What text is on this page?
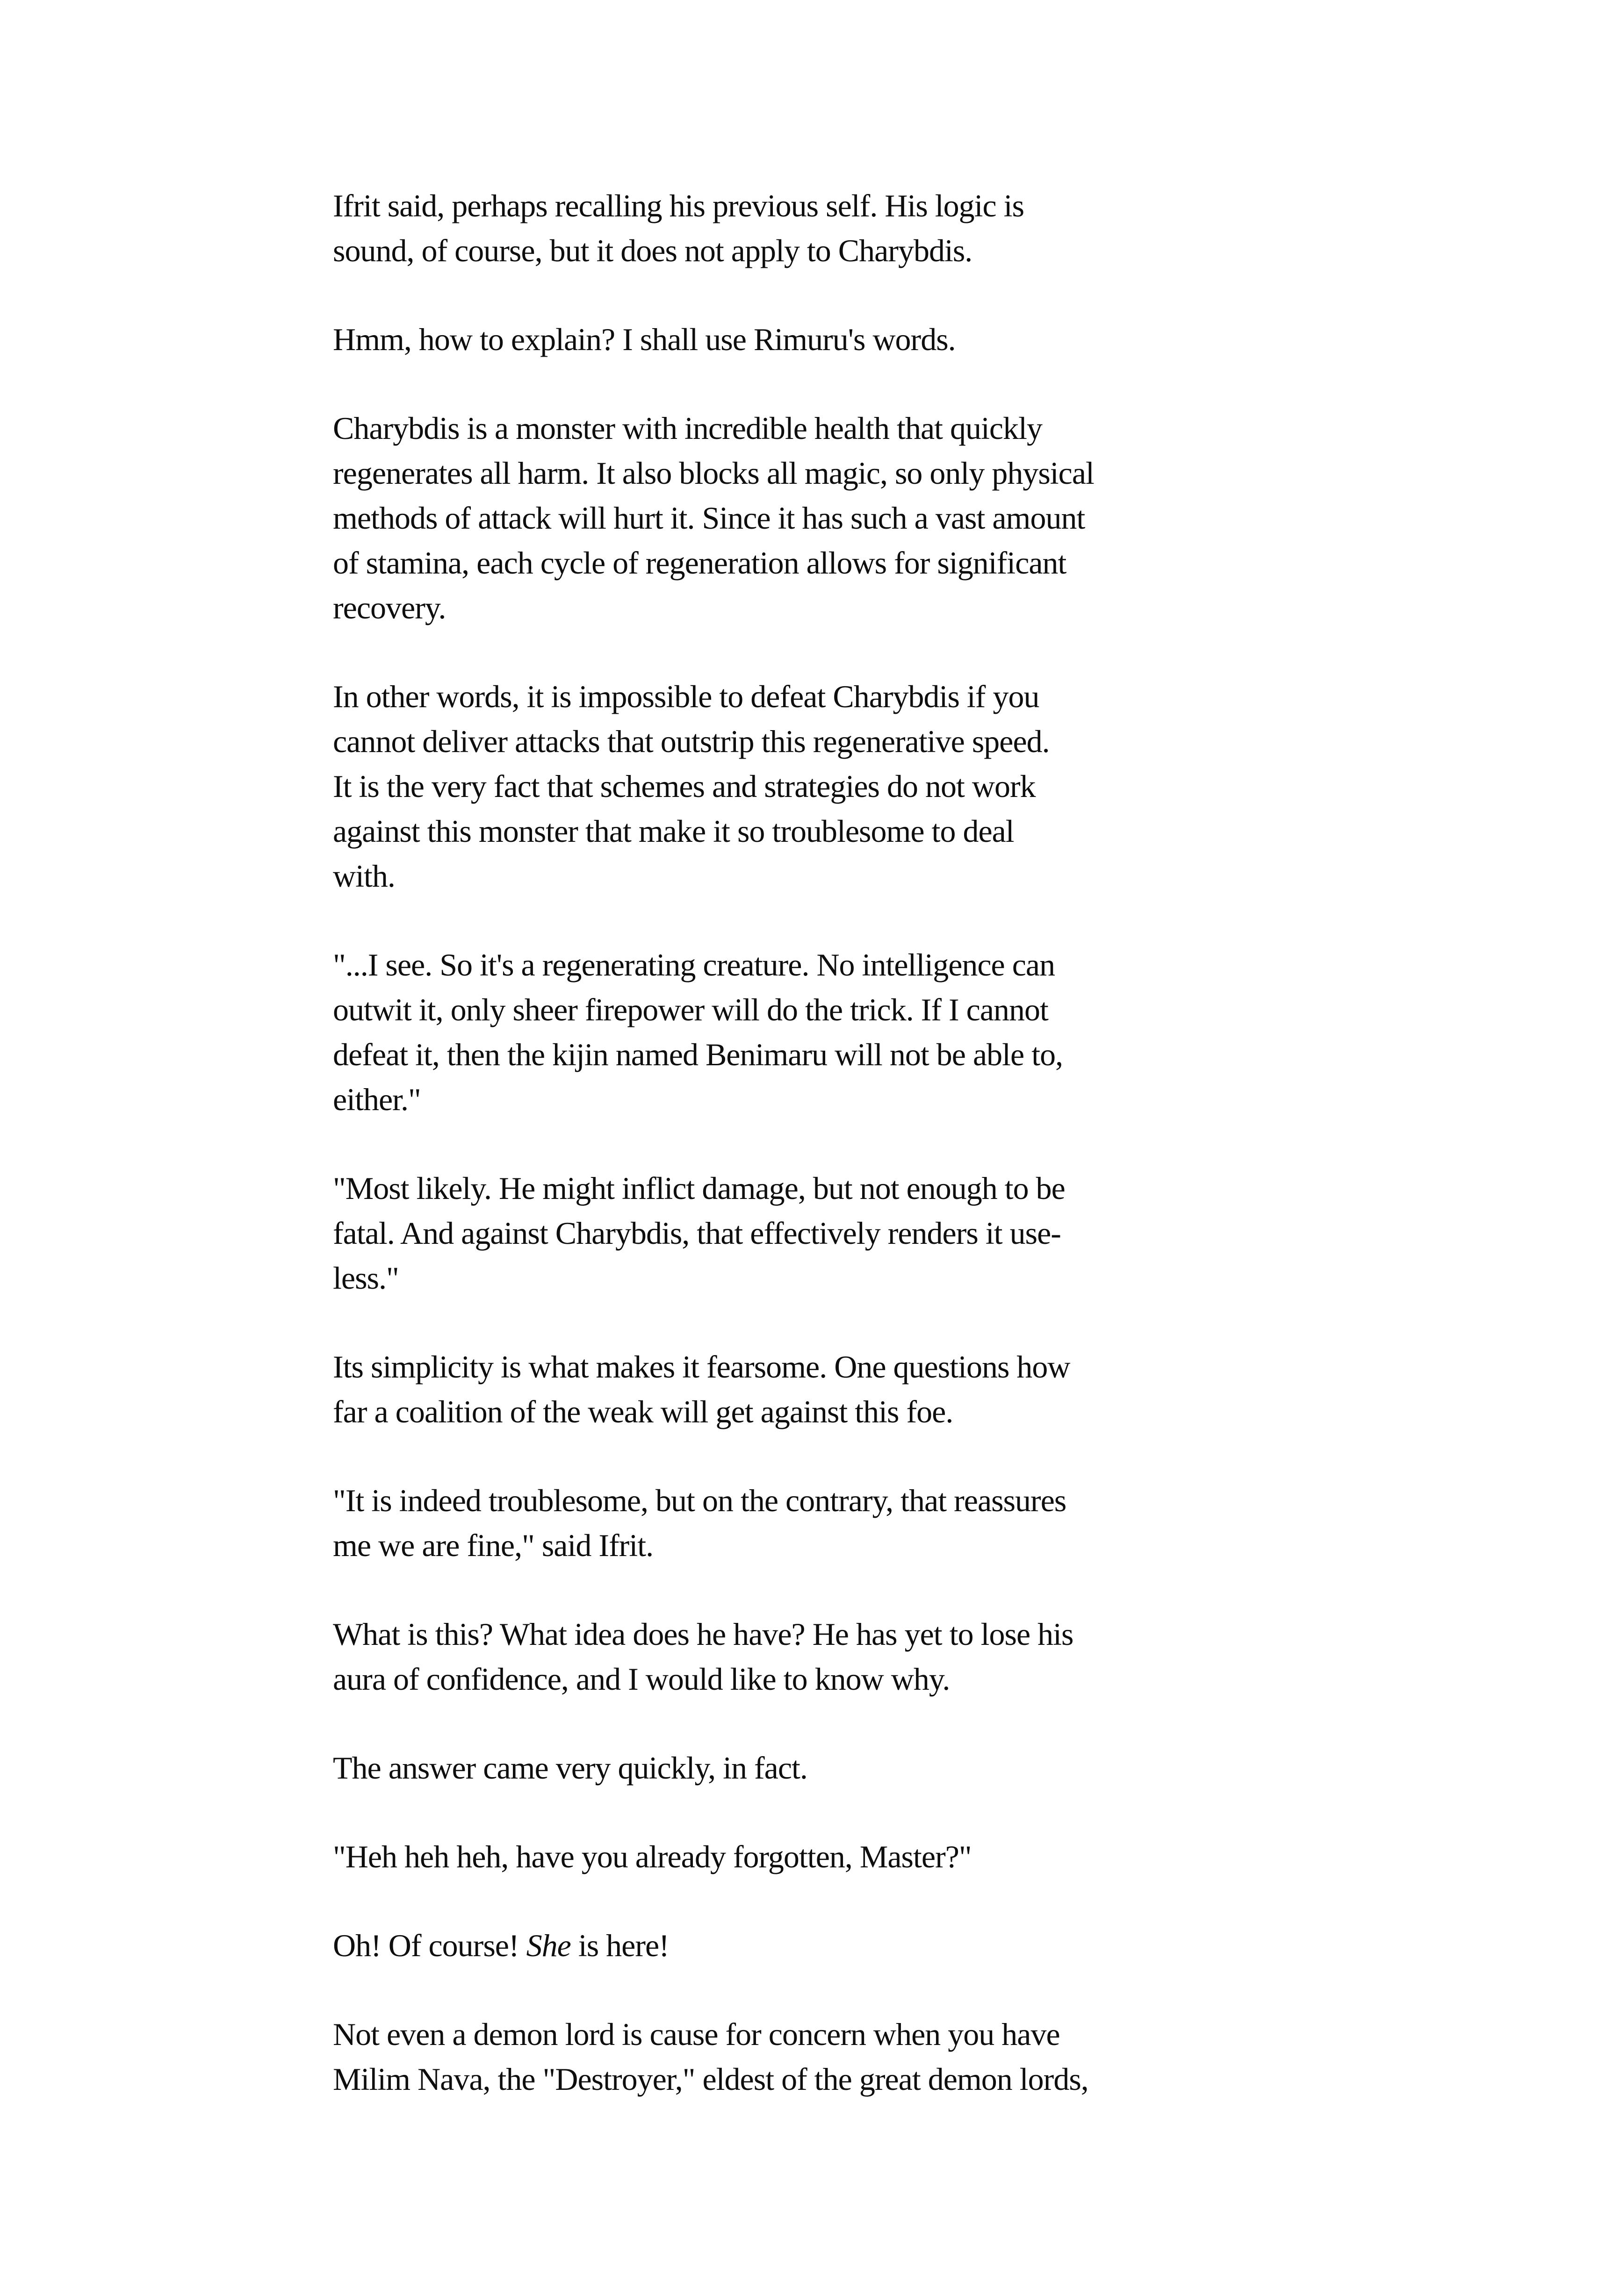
Ifrit said, perhaps recalling his previous self. His logic is
sound, of course, but it does not apply to Charybdis.

Hmm, how to explain? I shall use Rimuru's words.

Charybdis is a monster with incredible health that quickly
regenerates all harm. It also blocks all magic, so only physical
methods of attack will hurt it. Since it has such a vast amount
of stamina, each cycle of regeneration allows for significant
recovery.

In other words, it is impossible to defeat Charybdis if you
cannot deliver attacks that outstrip this regenerative speed.
It is the very fact that schemes and strategies do not work
against this monster that make it so troublesome to deal
with.

"...I see. So it's a regenerating creature. No intelligence can
outwit it, only sheer firepower will do the trick. If I cannot
defeat it, then the kijin named Benimaru will not be able to,
either."

"Most likely. He might inflict damage, but not enough to be
fatal. And against Charybdis, that effectively renders it use-
less."

Its simplicity is what makes it fearsome. One questions how
far a coalition of the weak will get against this foe.

"It is indeed troublesome, but on the contrary, that reassures
me we are fine," said Ifrit.

What is this? What idea does he have? He has yet to lose his
aura of confidence, and I would like to know why.

The answer came very quickly, in fact.

"Heh heh heh, have you already forgotten, Master?"

Oh! Of course! She is here!

Not even a demon lord is cause for concern when you have
Milim Nava, the "Destroyer," eldest of the great demon lords,
